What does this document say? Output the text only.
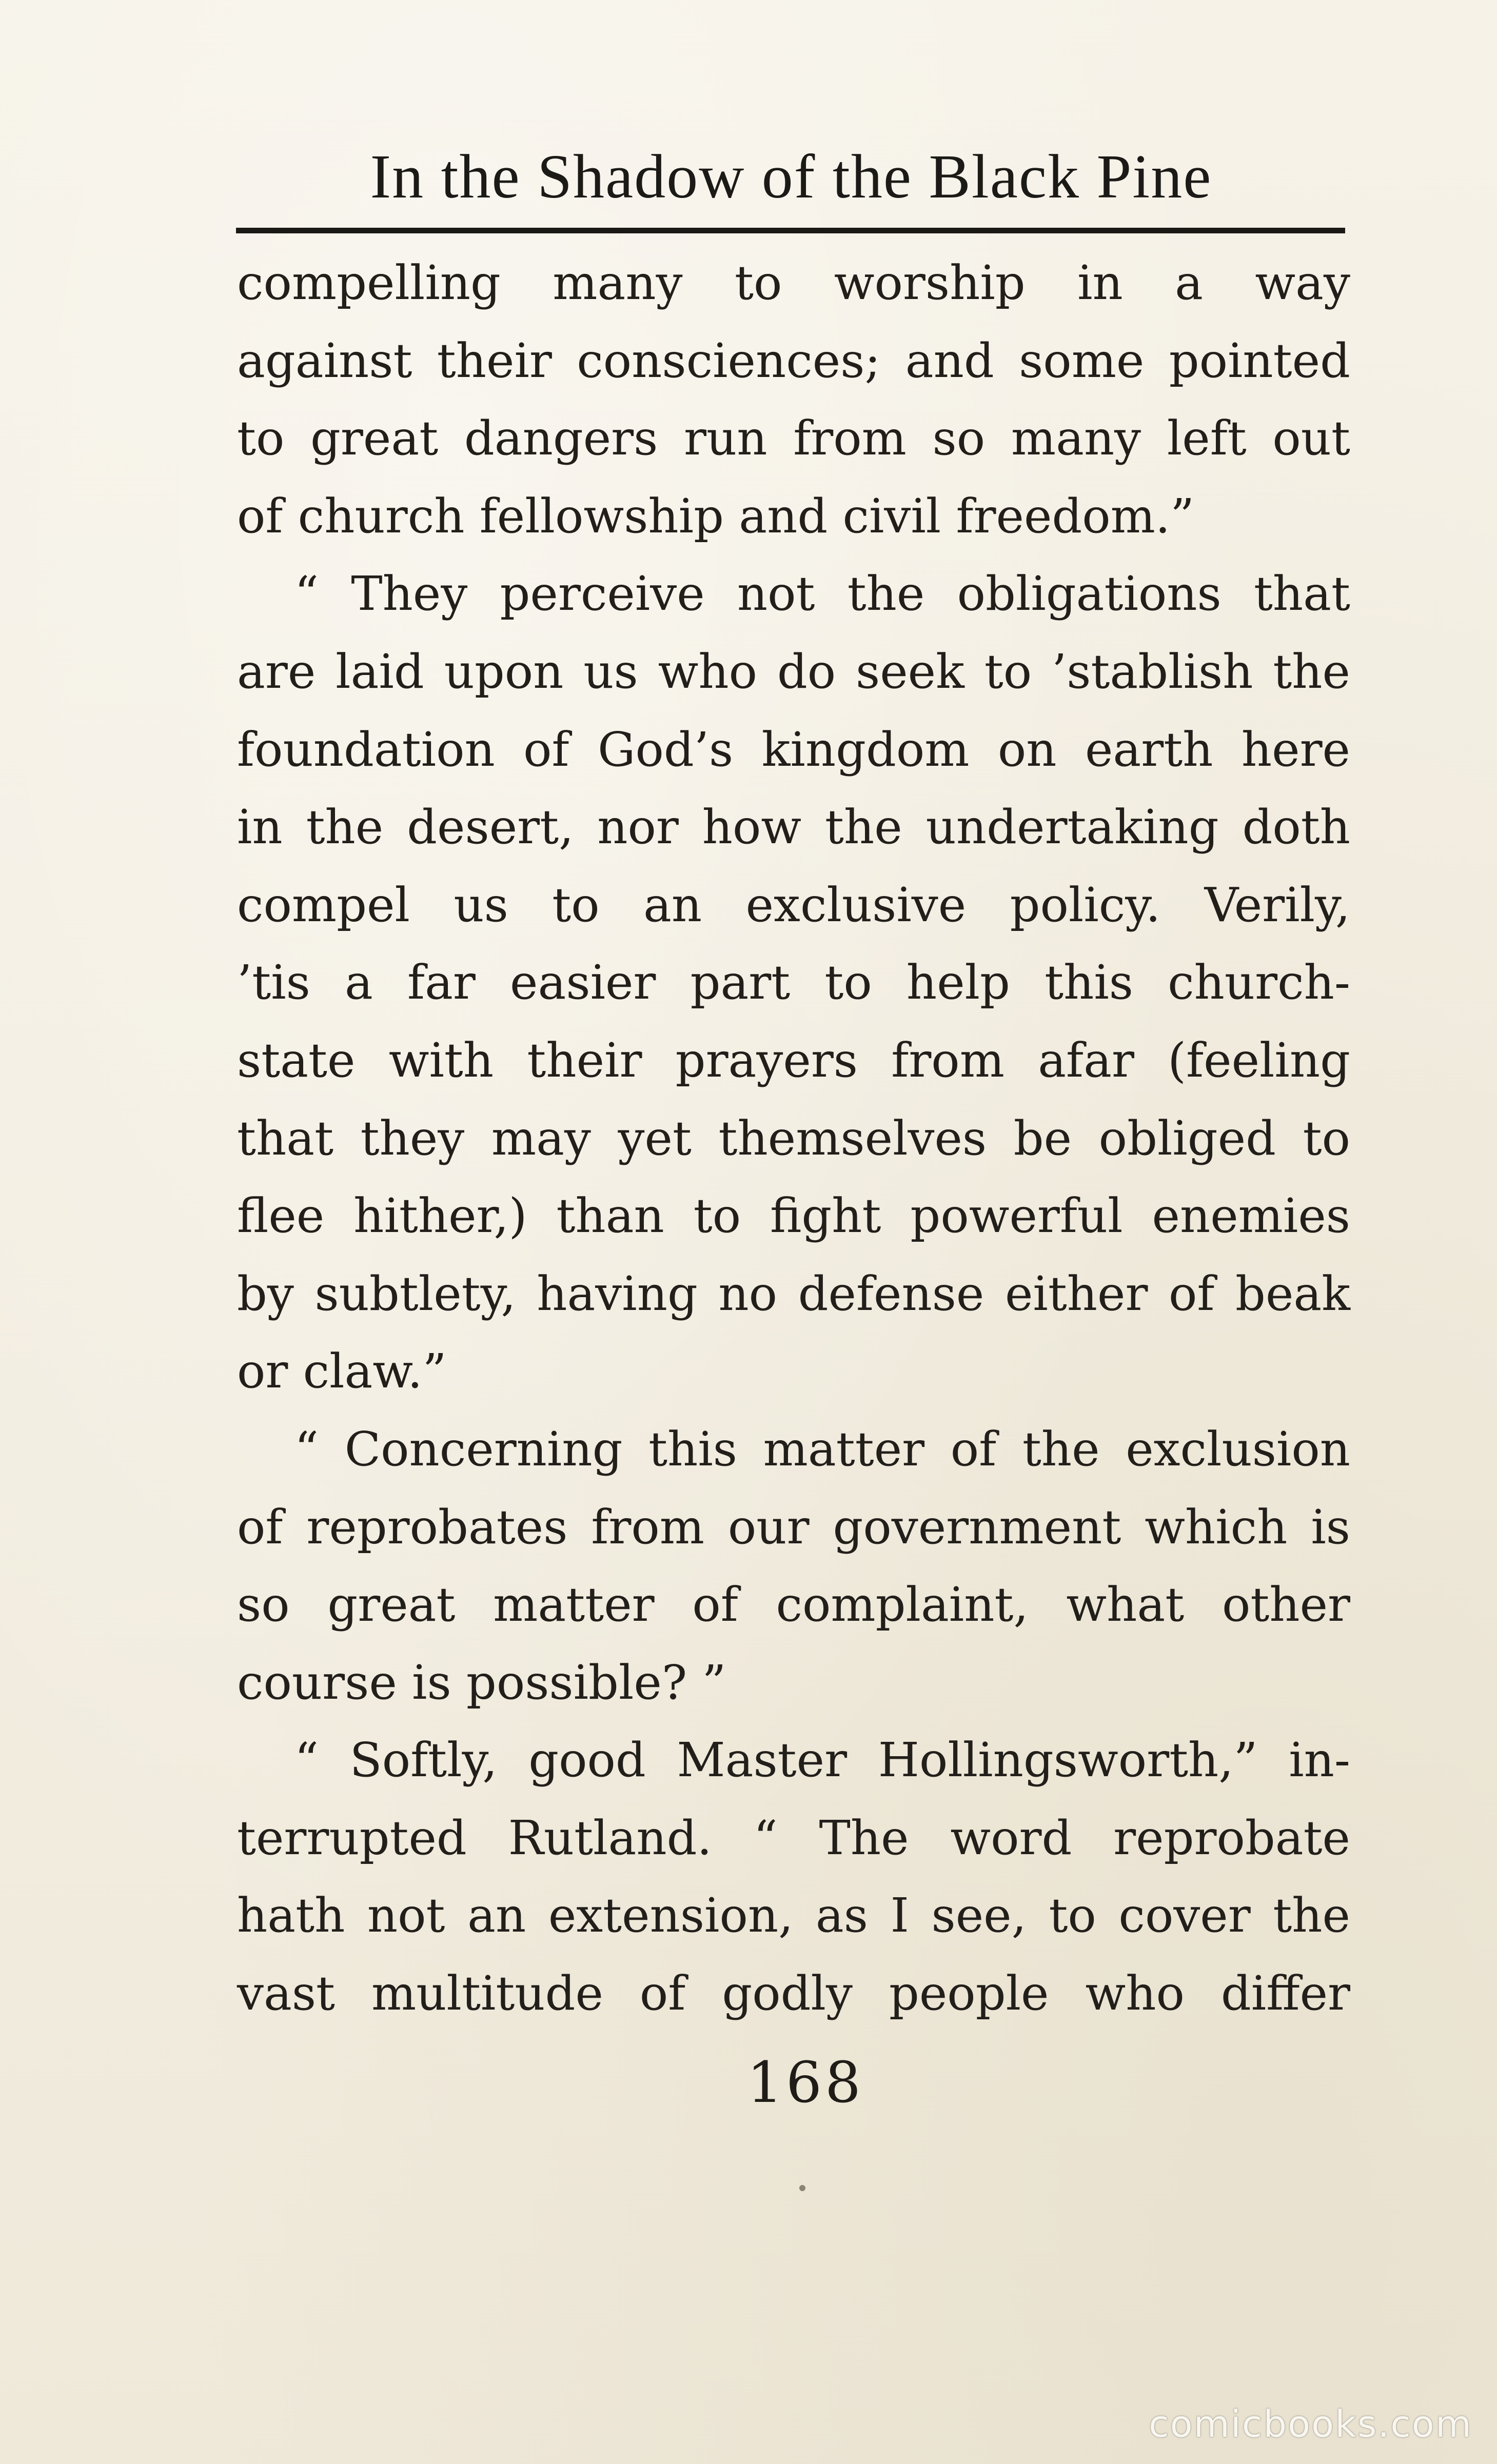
In the Shadow of the Black Pine
compelling many to worship in a way
against their consciences; and some pointed
to great dangers run from so many left out
of church fellowship and civil freedom.”
“ They perceive not the obligations that
are laid upon us who do seek to ’stablish the
foundation of God’s kingdom on earth here
in the desert, nor how the undertaking doth
compel us to an exclusive policy. Verily,
’tis a far easier part to help this church-
state with their prayers from afar (feeling
that they may yet themselves be obliged to
flee hither,) than to fight powerful enemies
by subtlety, having no defense either of beak
or claw.”
“ Concerning this matter of the exclusion
of reprobates from our government which is
so great matter of complaint, what other
course is possible? ”
“ Softly, good Master Hollingsworth,” in-
terrupted Rutland. “ The word reprobate
hath not an extension, as I see, to cover the
vast multitude of godly people who differ
168
comicbooks.com
